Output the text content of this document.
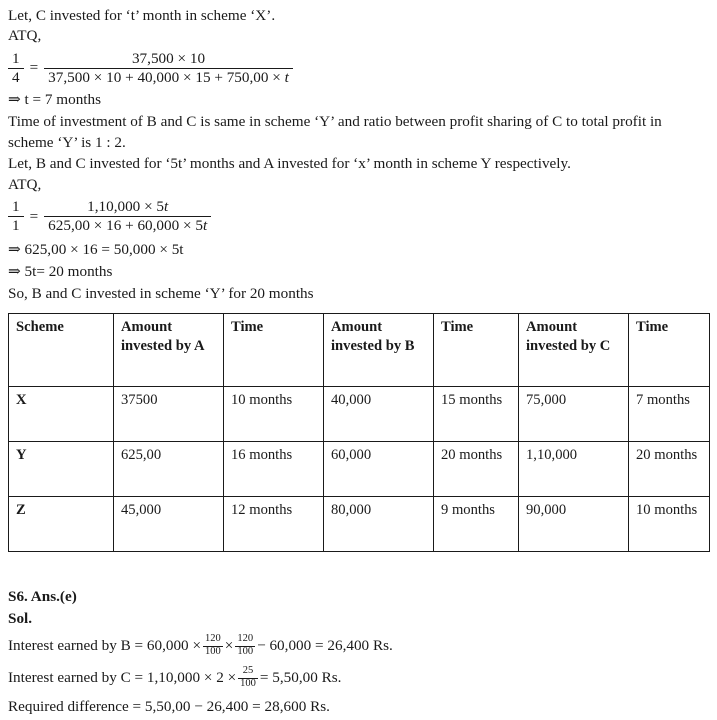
Let, C invested for ‘t’ month in scheme ‘X’.
ATQ,
$\frac{1}{4} = \frac{37,500 \times 10}{37,500 \times 10 + 40,000 \times 15 + 750,00 \times t}$
⇒ t = 7 months
Time of investment of B and C is same in scheme ‘Y’ and ratio between profit sharing of C to total profit in scheme ‘Y’ is 1 : 2.
Let, B and C invested for ‘5t’ months and A invested for ‘x’ month in scheme Y respectively.
ATQ,
$\frac{1}{1} = \frac{1,10,000 \times 5t}{625,00 \times 16 + 60,000 \times 5t}$
⇒ 625,00 × 16 = 50,000 × 5t
⇒ 5t= 20 months
So, B and C invested in scheme ‘Y’ for 20 months
Scheme	Amount invested by A	Time	Amount invested by B	Time	Amount invested by C	Time
X	37500	10 months	40,000	15 months	75,000	7 months
Y	625,00	16 months	60,000	20 months	1,10,000	20 months
Z	45,000	12 months	80,000	9 months	90,000	10 months
S6. Ans.(e)
Sol.
Interest earned by $B = 60,000 \times \frac{120}{100} \times \frac{120}{100} - 60,000 = 26,400$ Rs.
Interest earned by $C = 1,10,000 \times 2 \times \frac{25}{100} = 5,50,00$ Rs.
Required difference = 5,50,00 − 26,400 = 28,600 Rs.
